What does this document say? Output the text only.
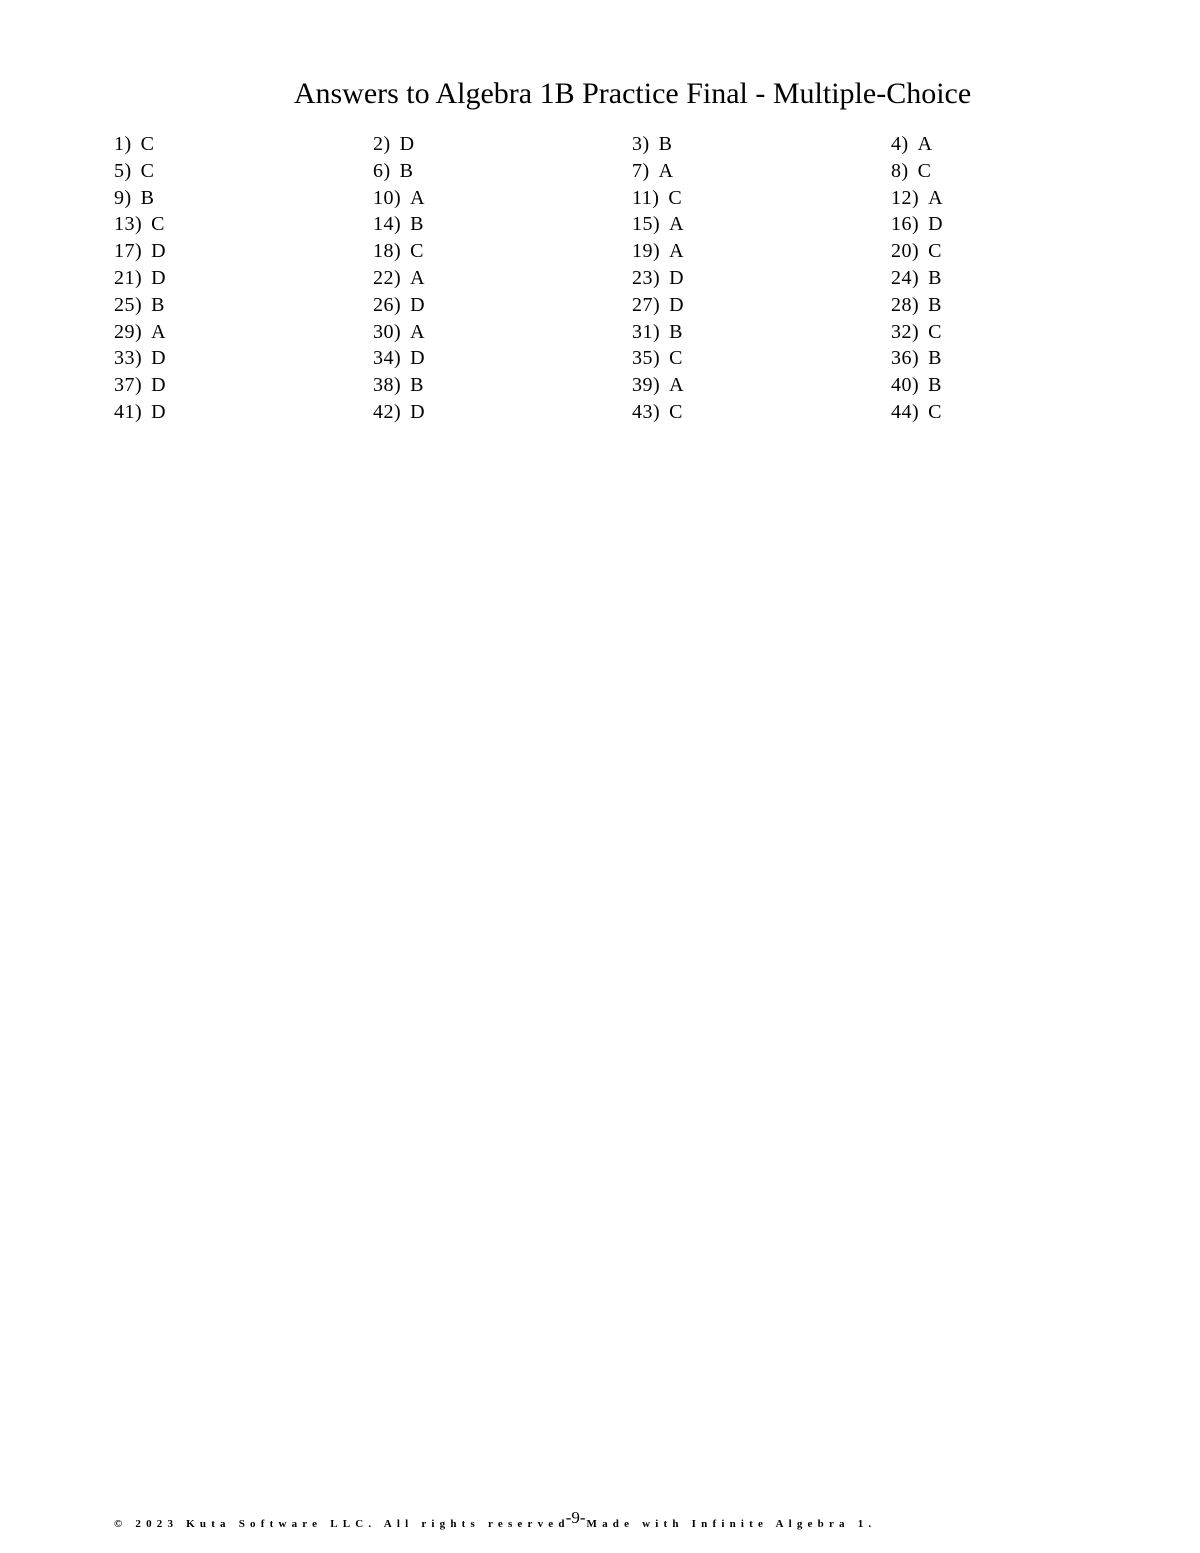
Answers to Algebra 1B Practice Final - Multiple-Choice
1) C	2) D	3) B	4) A
5) C	6) B	7) A	8) C
9) B	10) A	11) C	12) A
13) C	14) B	15) A	16) D
17) D	18) C	19) A	20) C
21) D	22) A	23) D	24) B
25) B	26) D	27) D	28) B
29) A	30) A	31) B	32) C
33) D	34) D	35) C	36) B
37) D	38) B	39) A	40) B
41) D	42) D	43) C	44) C
© 2023 Kuta Software LLC. All rights reserved-9-Made with Infinite Algebra 1.
